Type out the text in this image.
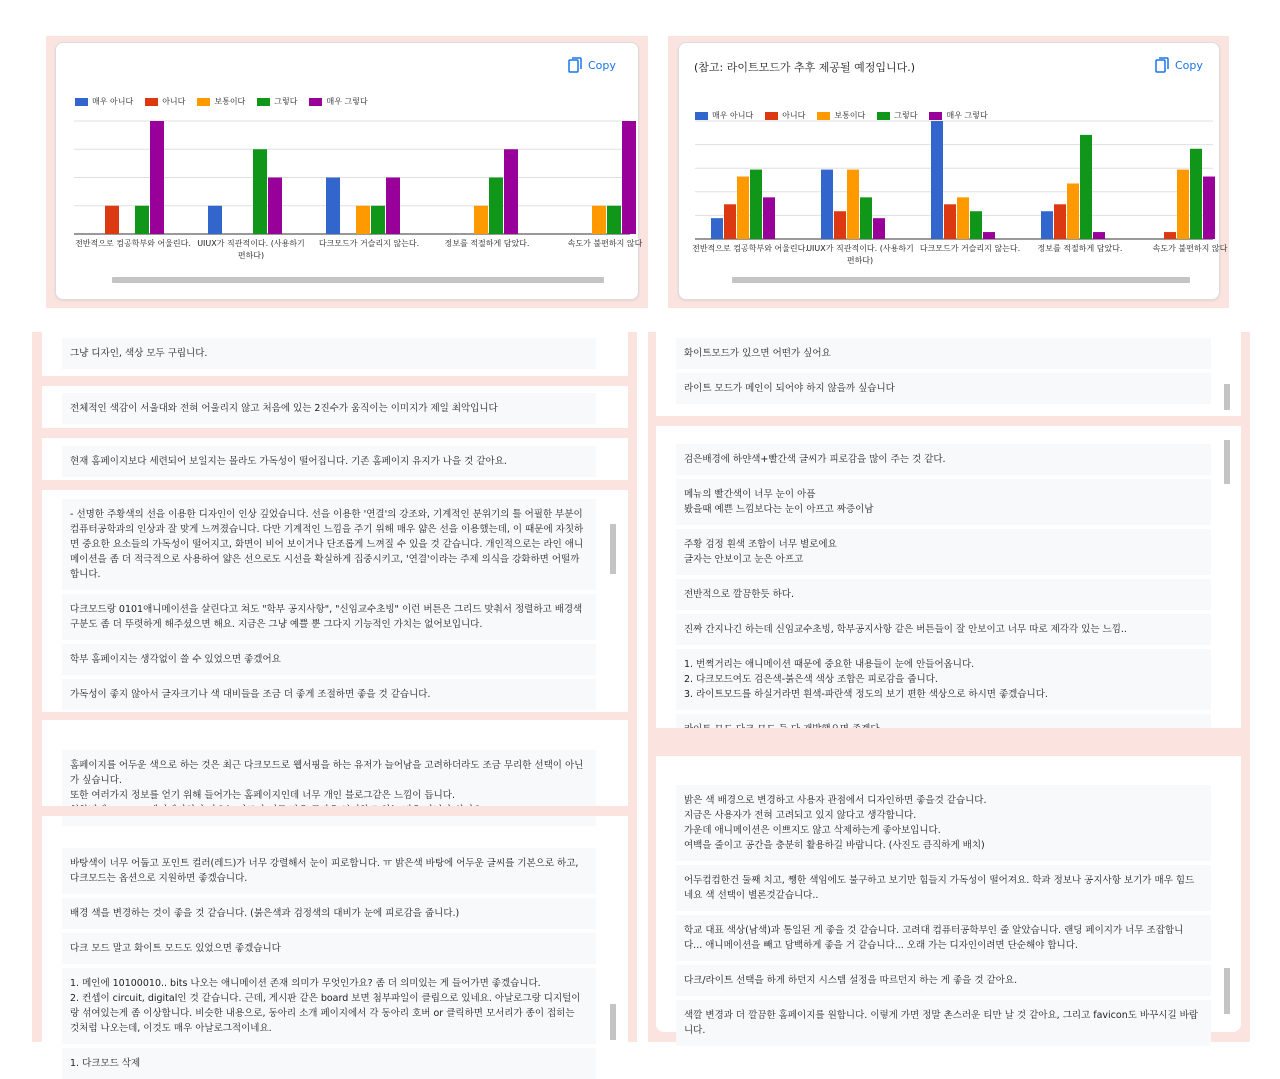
Copy
매우 아니다	아니다	보통이다	그렇다	매우 그렇다
전반적으로 컴공학부와 어울린다. UIUX가 직관적이다. (사용하기 편하다)
다크모드가 거슬리지 않는다.	정보를 적절하게 담았다.	속도가 불편하지 않다
(참고: 라이트모드가 추후 제공될 예정입니다.)	Copy
매우 아니다	아니다	보통이다	그렇다	매우 그렇다
전반적으로 컴공학부와 어울린다.
UIUX가 직관적이다. (사용하기 편하다)
다크모드가 거슬리지 않는다. 정보를 적절하게 담았다.	속도가 불편하지 않다
그냥 디자인, 색상 모두 구립니다.
전체적인 색감이 서울대와 전혀 어울리지 않고 처음에 있는 2진수가 움직이는 이미지가 제일 최악입니다
현재 홈페이지보다 세련되어 보일지는 몰라도 가독성이 떨어집니다. 기존 홈페이지 유지가 나을 것 같아요.
- 선명한 주황색의 선을 이용한 디자인이 인상 깊었습니다. 선을 이용한 '연결'의 강조와, 기계적인 분위기의 틀 어필한 부분이
컴퓨터공학과의 인상과 잘 맞게 느껴졌습니다. 다만 기계적인 느낌을 주기 위해 매우 얇은 선을 이용했는데, 이 때문에 자칫하
면 중요한 요소들의 가독성이 떨어지고, 화면이 비어 보이거나 단조롭게 느껴질 수 있을 것 같습니다. 개인적으로는 라인 애니
메이션을 좀 더 적극적으로 사용하여 얇은 선으로도 시선을 확실하게 집중시키고, '연결'이라는 주제 의식을 강화하면 어떨까
합니다.
다크모드랑 0101애니메이션을 살린다고 쳐도 "학부 공지사항", "신임교수초빙" 이런 버튼은 그리드 맞춰서 정렬하고 배경색
구분도 좀 더 뚜렷하게 해주셨으면 해요. 지금은 그냥 예쁠 뿐 그다지 기능적인 가치는 없어보입니다.
학부 홈페이지는 생각없이 쓸 수 있었으면 좋겠어요
가독성이 좋지 않아서 글자크기나 색 대비들을 조금 더 좋게 조절하면 좋을 것 같습니다.
홈페이지를 어두운 색으로 하는 것은 최근 다크모드로 웹서핑을 하는 유저가 늘어남을 고려하더라도 조금 무리한 선택이 아닌
가 싶습니다.
또한 여러가지 정보를 얻기 위해 들어가는 홈페이지인데 너무 개인 블로그같은 느낌이 듭니다.
바탕색이 너무 어둡고 포인트 컬러(레드)가 너무 강렬해서 눈이 피로합니다. ㅠ 밝은색 바탕에 어두운 글씨를 기본으로 하고,
다크모드는 옵션으로 지원하면 좋겠습니다.
배경 색을 변경하는 것이 좋을 것 같습니다. (붉은색과 검정색의 대비가 눈에 피로감을 줍니다.)
다크 모드 말고 화이트 모드도 있었으면 좋겠습니다
1. 메인에 10100010.. bits 나오는 애니메이션 존재 의미가 무엇인가요? 좀 더 의미있는 게 들어가면 좋겠습니다.
2. 컨셉이 circuit, digital인 것 같습니다. 근데, 게시판 같은 board 보면 첨부파일이 클립으로 있네요. 아날로그랑 디지털이
랑 섞여있는게 좀 이상합니다. 비슷한 내용으로, 동아리 소개 페이지에서 각 동아리 호버 or 클릭하면 모서리가 종이 접히는
것처럼 나오는데, 이것도 매우 아날로그적이네요.
1. 다크모드 삭제
화이트모드가 있으면 어떤가 싶어요
라이트 모드가 메인이 되어야 하지 않을까 싶습니다
검은배경에 하얀색+빨간색 글씨가 피로감을 많이 주는 것 같다.
메뉴의 빨간색이 너무 눈이 아픔
봤을때 예쁜 느낌보다는 눈이 아프고 짜증이남
주황 검정 흰색 조합이 너무 별로에요
글자는 안보이고 눈은 아프고
전반적으로 깔끔한듯 하다.
진짜 간지나긴 하는데 신임교수초빙, 학부공지사항 같은 버튼들이 잘 안보이고 너무 따로 제각각 있는 느낌..
1. 번쩍거리는 애니메이션 때문에 중요한 내용들이 눈에 안들어옵니다.
2. 다크모드여도 검은색-붉은색 색상 조합은 피로감을 줍니다.
3. 라이트모드를 하실거라면 흰색-파란색 정도의 보기 편한 색상으로 하시면 좋겠습니다.
밝은 색 배경으로 변경하고 사용자 관점에서 디자인하면 좋을것 같습니다.
지금은 사용자가 전혀 고려되고 있지 않다고 생각합니다.
가운데 애니메이션은 이쁘지도 않고 삭제하는게 좋아보입니다.
여백을 줄이고 공간을 충분히 활용하길 바랍니다. (사진도 큼직하게 배치)
어두컴컴한건 둘째 치고, 쨍한 색임에도 불구하고 보기만 힘들지 가독성이 떨어져요. 학과 정보나 공지사항 보기가 매우 힘드
네요 색 선택이 별론것같습니다..
학교 대표 색상(남색)과 통일된 게 좋을 것 같습니다. 고려대 컴퓨터공학부인 줄 알았습니다. 랜딩 페이지가 너무 조잡합니
다... 애니메이션을 빼고 담백하게 좋을 거 같습니다... 오래 가는 디자인이려면 단순해야 합니다.
다크/라이트 선택을 하게 하던지 시스템 설정을 따르던지 하는 게 좋을 것 같아요.
색깔 변경과 더 깔끔한 홈페이지를 원합니다. 이렇게 가면 정말 촌스러운 티만 날 것 같아요, 그리고 favicon도 바꾸시길 바랍
니다.
